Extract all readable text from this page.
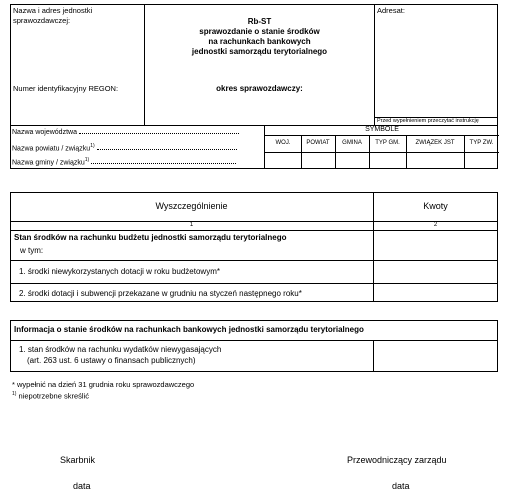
Nazwa i adres jednostki sprawozdawczej:
Numer identyfikacyjny REGON:
Rb-ST
sprawozdanie o stanie środków
na rachunkach bankowych
jednostki samorządu terytorialnego
okres sprawozdawczy:
Adresat:
Przed wypełnieniem przeczytać instrukcję
Nazwa województwa
Nazwa powiatu / związku$^{1)}$
Nazwa gminy / związku$^{1)}$
SYMBOLE
WOJ.	POWIAT	GMINA	TYP GM.	ZWIĄZEK JST	TYP ZW.
Wyszczególnienie	Kwoty
1	2
Stan środków na rachunku budżetu jednostki samorządu terytorialnego
w tym:
1. środki niewykorzystanych dotacji w roku budżetowym*
2. środki dotacji i subwencji przekazane w grudniu na styczeń następnego roku*
Informacja o stanie środków na rachunkach bankowych jednostki samorządu terytorialnego
1. stan środków na rachunku wydatków niewygasających
(art. 263 ust. 6 ustawy o finansach publicznych)
* wypełnić na dzień 31 grudnia roku sprawozdawczego
$^{1)}$ niepotrzebne skreślić
Skarbnik
data
Przewodniczący zarządu
data
